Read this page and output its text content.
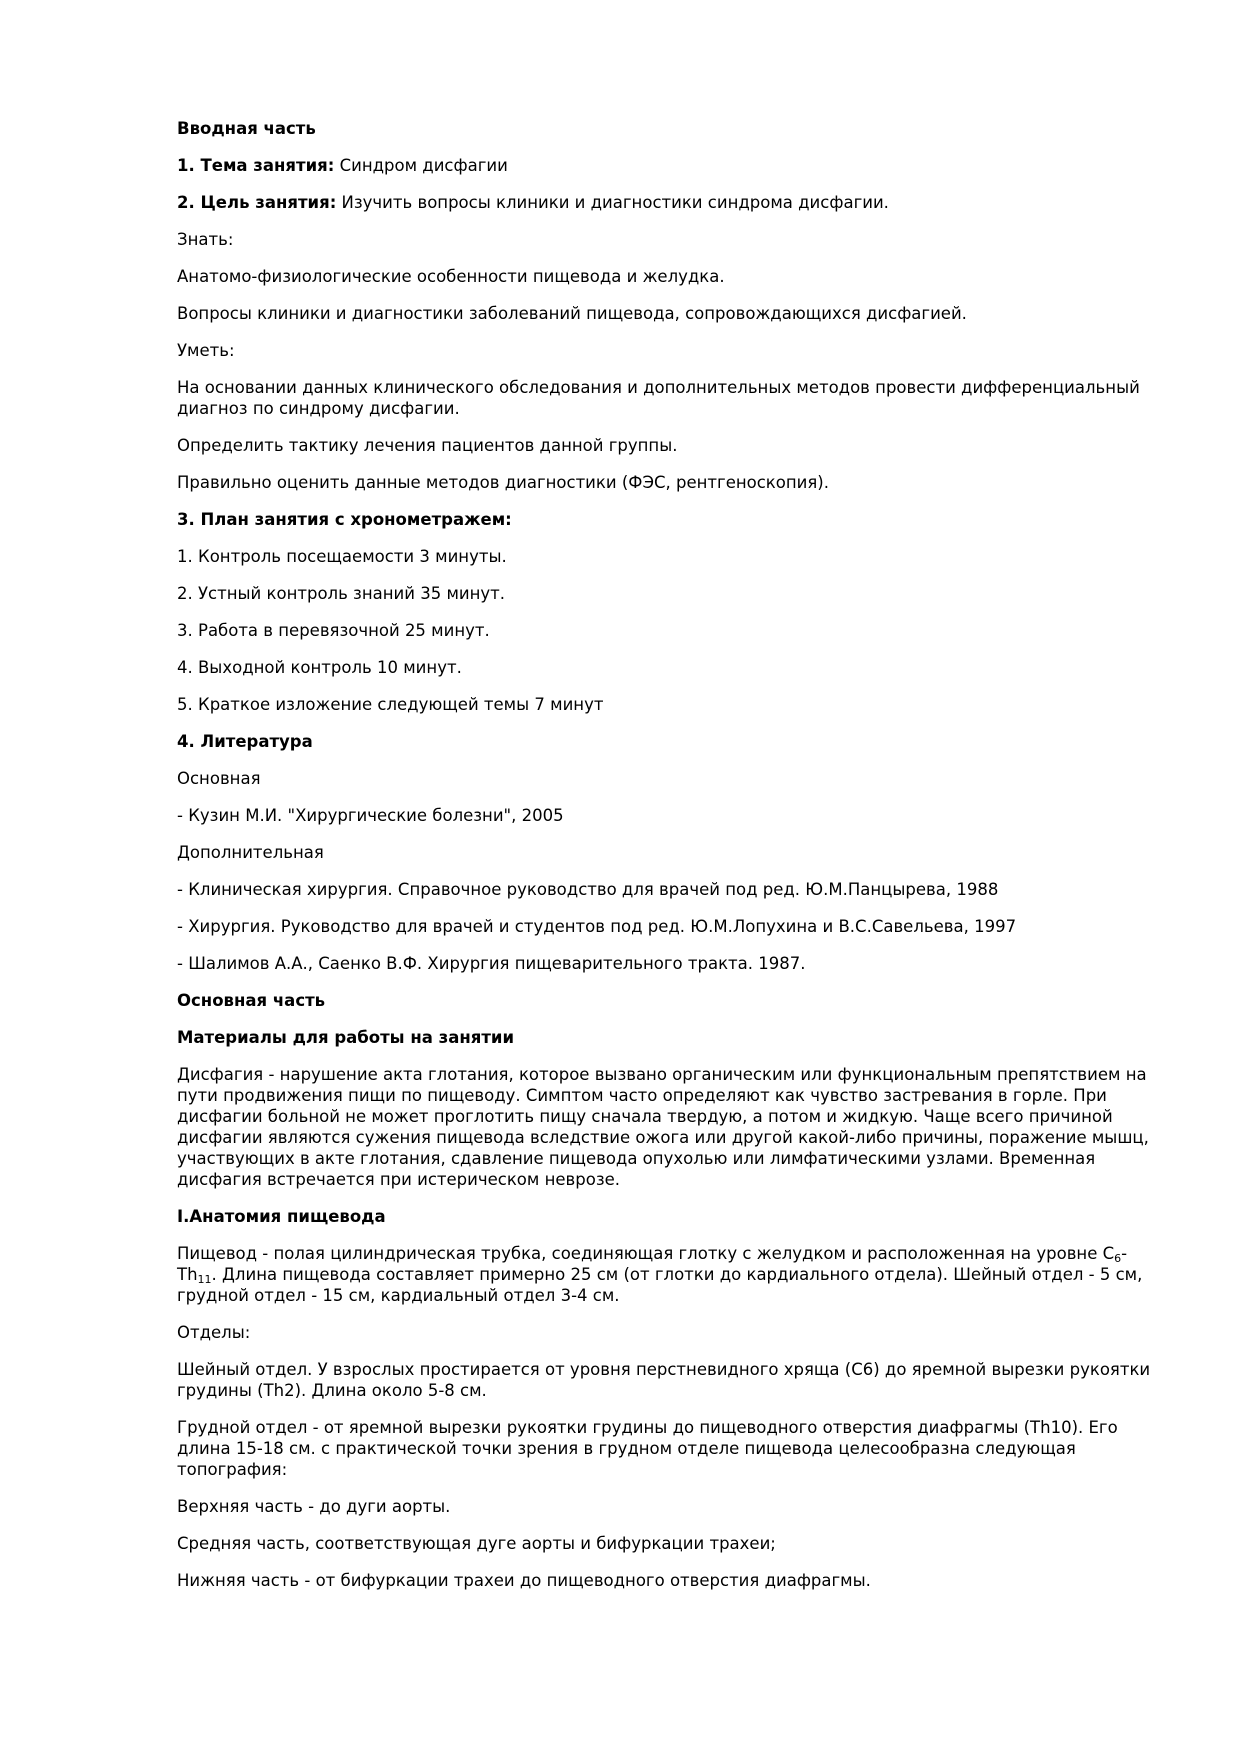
Вводная часть

1. Тема занятия: Синдром дисфагии

2. Цель занятия: Изучить вопросы клиники и диагностики синдрома дисфагии.

Знать:

Анатомо-физиологические особенности пищевода и желудка.

Вопросы клиники и диагностики заболеваний пищевода, сопровождающихся дисфагией.

Уметь:

На основании данных клинического обследования и дополнительных методов провести дифференциальный диагноз по синдрому дисфагии.

Определить тактику лечения пациентов данной группы.

Правильно оценить данные методов диагностики (ФЭС, рентгеноскопия).

3. План занятия с хронометражем:

1. Контроль посещаемости 3 минуты.

2. Устный контроль знаний 35 минут.

3. Работа в перевязочной 25 минут.

4. Выходной контроль 10 минут.

5. Краткое изложение следующей темы 7 минут

4. Литература

Основная

- Кузин М.И. "Хирургические болезни", 2005

Дополнительная

- Клиническая хирургия. Справочное руководство для врачей под ред. Ю.М.Панцырева, 1988

- Хирургия. Руководство для врачей и студентов под ред. Ю.М.Лопухина и В.С.Савельева, 1997

- Шалимов А.А., Саенко В.Ф. Хирургия пищеварительного тракта. 1987.

Основная часть

Материалы для работы на занятии

Дисфагия - нарушение акта глотания, которое вызвано органическим или функциональным препятствием на пути продвижения пищи по пищеводу. Симптом часто определяют как чувство застревания в горле. При дисфагии больной не может проглотить пищу сначала твердую, а потом и жидкую. Чаще всего причиной дисфагии являются сужения пищевода вследствие ожога или другой какой-либо причины, поражение мышц, участвующих в акте глотания, сдавление пищевода опухолью или лимфатическими узлами. Временная дисфагия встречается при истерическом неврозе.

I.Анатомия пищевода

Пищевод - полая цилиндрическая трубка, соединяющая глотку с желудком и расположенная на уровне $C_6-Th_{11}$. Длина пищевода составляет примерно 25 см (от глотки до кардиального отдела). Шейный отдел - 5 см, грудной отдел - 15 см, кардиальный отдел 3-4 см.

Отделы:

Шейный отдел. У взрослых простирается от уровня перстневидного хряща (C6) до яремной вырезки рукоятки грудины (Th2). Длина около 5-8 см.

Грудной отдел - от яремной вырезки рукоятки грудины до пищеводного отверстия диафрагмы (Th10). Его длина 15-18 см. с практической точки зрения в грудном отделе пищевода целесообразна следующая топография:

Верхняя часть - до дуги аорты.

Средняя часть, соответствующая дуге аорты и бифуркации трахеи;

Нижняя часть - от бифуркации трахеи до пищеводного отверстия диафрагмы.
